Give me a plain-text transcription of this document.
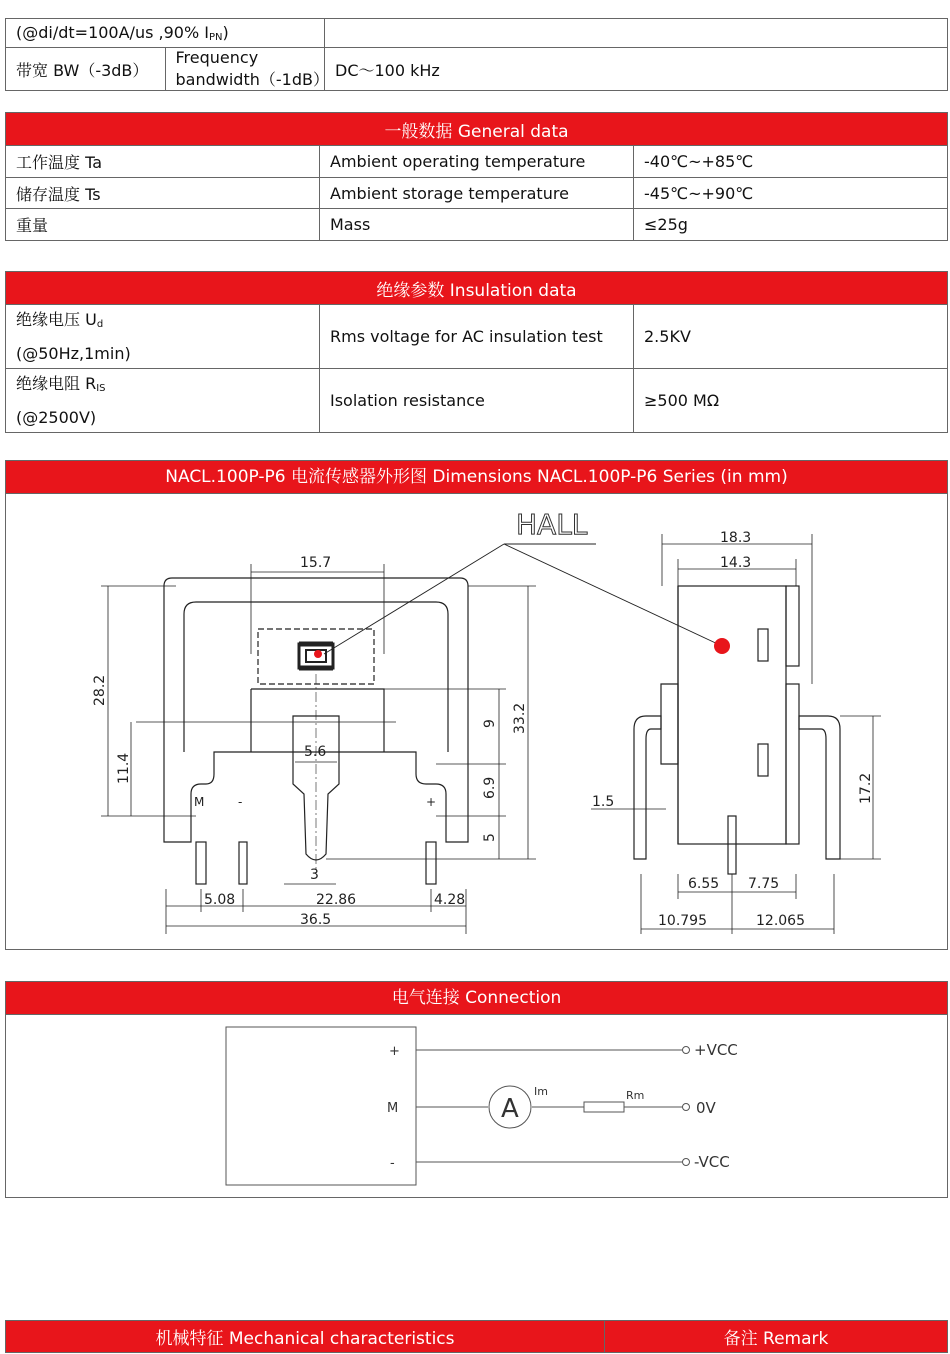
(@di/dt=100A/us ,90% $I_{PN}$)		
带宽 BW（-3dB）	Frequency bandwidth（-1dB）	DC～100 kHz
一般数据 General data		
工作温度 Ta	Ambient operating temperature	-40℃~+85℃
储存温度 Ts	Ambient storage temperature	-45℃~+90℃
重量	Mass	≤25g
绝缘参数 Insulation data		
绝缘电压 $U_d$
(@50Hz,1min)	Rms voltage for AC insulation test	2.5KV
绝缘电阻 $R_{IS}$
(@2500V)	Isolation resistance	≥500 MΩ
NACL.100P-P6 电流传感器外形图 Dimensions NACL.100P-P6 Series (in mm)
HALL
15.7
28.2
11.4
5.6
9 33.2
6.9
5
3
5.08	22.86	4.28
36.5
M	-	+
18.3
14.3
1.5	17.2
6.55 7.75
10.795	12.065
电气连接 Connection
+
M
-
A
Im	Rm
+VCC
0V
-VCC
机械特征 Mechanical characteristics	备注 Remark
